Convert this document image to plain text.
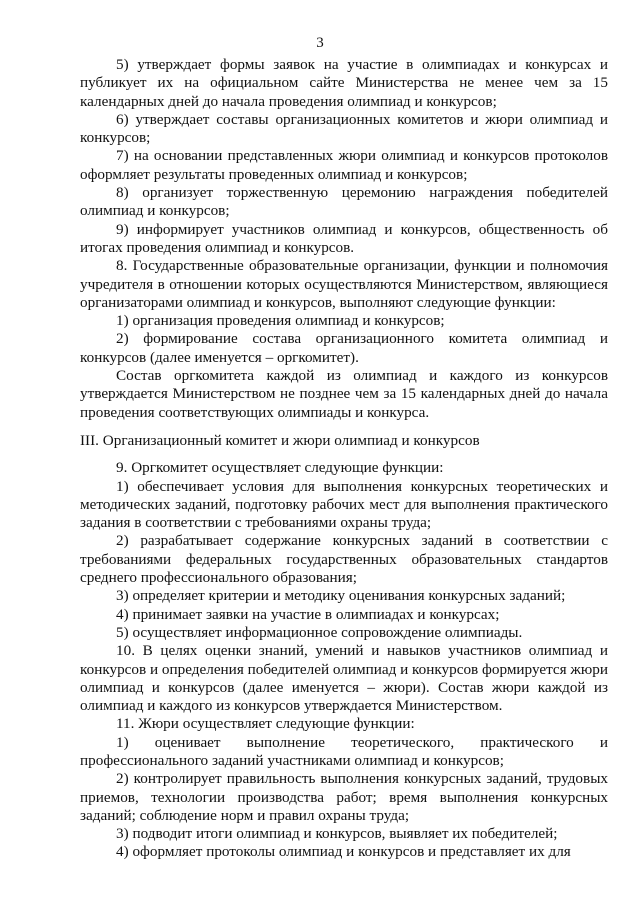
3

5) утверждает формы заявок на участие в олимпиадах и конкурсах и публикует их на официальном сайте Министерства не менее чем за 15 календарных дней до начала проведения олимпиад и конкурсов;

6) утверждает составы организационных комитетов и жюри олимпиад и конкурсов;

7) на основании представленных жюри олимпиад и конкурсов протоколов оформляет результаты проведенных олимпиад и конкурсов;

8) организует торжественную церемонию награждения победителей олимпиад и конкурсов;

9) информирует участников олимпиад и конкурсов, общественность об итогах проведения олимпиад и конкурсов.

8. Государственные образовательные организации, функции и полномочия учредителя в отношении которых осуществляются Министерством, являющиеся организаторами олимпиад и конкурсов, выполняют следующие функции:

1) организация проведения олимпиад и конкурсов;

2) формирование состава организационного комитета олимпиад и конкурсов (далее именуется – оргкомитет).

Состав оргкомитета каждой из олимпиад и каждого из конкурсов утверждается Министерством не позднее чем за 15 календарных дней до начала проведения соответствующих олимпиады и конкурса.

III. Организационный комитет и жюри олимпиад и конкурсов

9. Оргкомитет осуществляет следующие функции:

1) обеспечивает условия для выполнения конкурсных теоретических и методических заданий, подготовку рабочих мест для выполнения практического задания в соответствии с требованиями охраны труда;

2) разрабатывает содержание конкурсных заданий в соответствии с требованиями федеральных государственных образовательных стандартов среднего профессионального образования;

3) определяет критерии и методику оценивания конкурсных заданий;

4) принимает заявки на участие в олимпиадах и конкурсах;

5) осуществляет информационное сопровождение олимпиады.

10. В целях оценки знаний, умений и навыков участников олимпиад и конкурсов и определения победителей олимпиад и конкурсов формируется жюри олимпиад и конкурсов (далее именуется – жюри). Состав жюри каждой из олимпиад и каждого из конкурсов утверждается Министерством.

11. Жюри осуществляет следующие функции:

1) оценивает выполнение теоретического, практического и профессионального заданий участниками олимпиад и конкурсов;

2) контролирует правильность выполнения конкурсных заданий, трудовых приемов, технологии производства работ; время выполнения конкурсных заданий; соблюдение норм и правил охраны труда;

3) подводит итоги олимпиад и конкурсов, выявляет их победителей;

4) оформляет протоколы олимпиад и конкурсов и представляет их для
